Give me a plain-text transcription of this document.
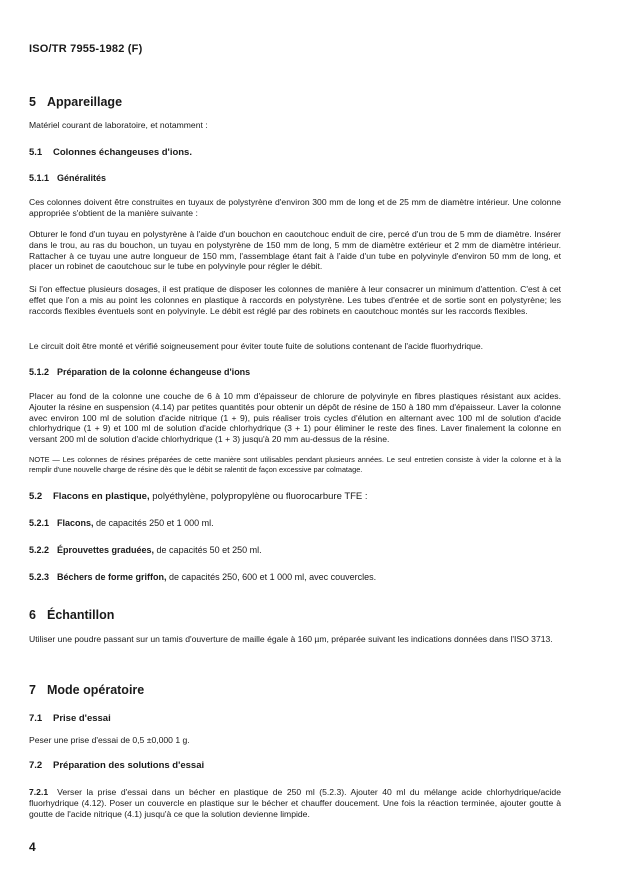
ISO/TR 7955-1982 (F)
5 Appareillage
Matériel courant de laboratoire, et notamment :
5.1 Colonnes échangeuses d'ions.
5.1.1 Généralités
Ces colonnes doivent être construites en tuyaux de polystyrène d'environ 300 mm de long et de 25 mm de diamètre intérieur. Une colonne appropriée s'obtient de la manière suivante :
Obturer le fond d'un tuyau en polystyrène à l'aide d'un bouchon en caoutchouc enduit de cire, percé d'un trou de 5 mm de diamètre. Insérer dans le trou, au ras du bouchon, un tuyau en polystyrène de 150 mm de long, 5 mm de diamètre extérieur et 2 mm de diamètre intérieur. Rattacher à ce tuyau une autre longueur de 150 mm, l'assemblage étant fait à l'aide d'un tube en polyvinyle d'environ 50 mm de long, et placer un robinet de caoutchouc sur le tube en polyvinyle pour régler le débit.
Si l'on effectue plusieurs dosages, il est pratique de disposer les colonnes de manière à leur consacrer un minimum d'attention. C'est à cet effet que l'on a mis au point les colonnes en plastique à raccords en polystyrène. Les tubes d'entrée et de sortie sont en polystyrène; les raccords flexibles éventuels sont en polyvinyle. Le débit est réglé par des robinets en caoutchouc montés sur les raccords flexibles.
Le circuit doit être monté et vérifié soigneusement pour éviter toute fuite de solutions contenant de l'acide fluorhydrique.
5.1.2 Préparation de la colonne échangeuse d'ions
Placer au fond de la colonne une couche de 6 à 10 mm d'épaisseur de chlorure de polyvinyle en fibres plastiques résistant aux acides. Ajouter la résine en suspension (4.14) par petites quantités pour obtenir un dépôt de résine de 150 à 180 mm d'épaisseur. Laver la colonne avec environ 100 ml de solution d'acide nitrique (1 + 9), puis réaliser trois cycles d'élution en alternant avec 100 ml de solution d'acide chlorhydrique (1 + 9) et 100 ml de solution d'acide chlorhydrique (3 + 1) pour éliminer le reste des fines. Laver finalement la colonne en versant 200 ml de solution d'acide chlorhydrique (1 + 3) jusqu'à 20 mm au-dessus de la résine.
NOTE — Les colonnes de résines préparées de cette manière sont utilisables pendant plusieurs années. Le seul entretien consiste à vider la colonne et à la remplir d'une nouvelle charge de résine dès que le débit se ralentit de façon excessive par colmatage.
5.2 Flacons en plastique, polyéthylène, polypropylène ou fluorocarbure TFE :
5.2.1 Flacons, de capacités 250 et 1 000 ml.
5.2.2 Éprouvettes graduées, de capacités 50 et 250 ml.
5.2.3 Béchers de forme griffon, de capacités 250, 600 et 1 000 ml, avec couvercles.
6 Échantillon
Utiliser une poudre passant sur un tamis d'ouverture de maille égale à 160 µm, préparée suivant les indications données dans l'ISO 3713.
7 Mode opératoire
7.1 Prise d'essai
Peser une prise d'essai de 0,5 ±0,000 1 g.
7.2 Préparation des solutions d'essai
7.2.1 Verser la prise d'essai dans un bécher en plastique de 250 ml (5.2.3). Ajouter 40 ml du mélange acide chlorhydrique/acide fluorhydrique (4.12). Poser un couvercle en plastique sur le bécher et chauffer doucement. Une fois la réaction terminée, ajouter goutte à goutte de l'acide nitrique (4.1) jusqu'à ce que la solution devienne limpide.
4
